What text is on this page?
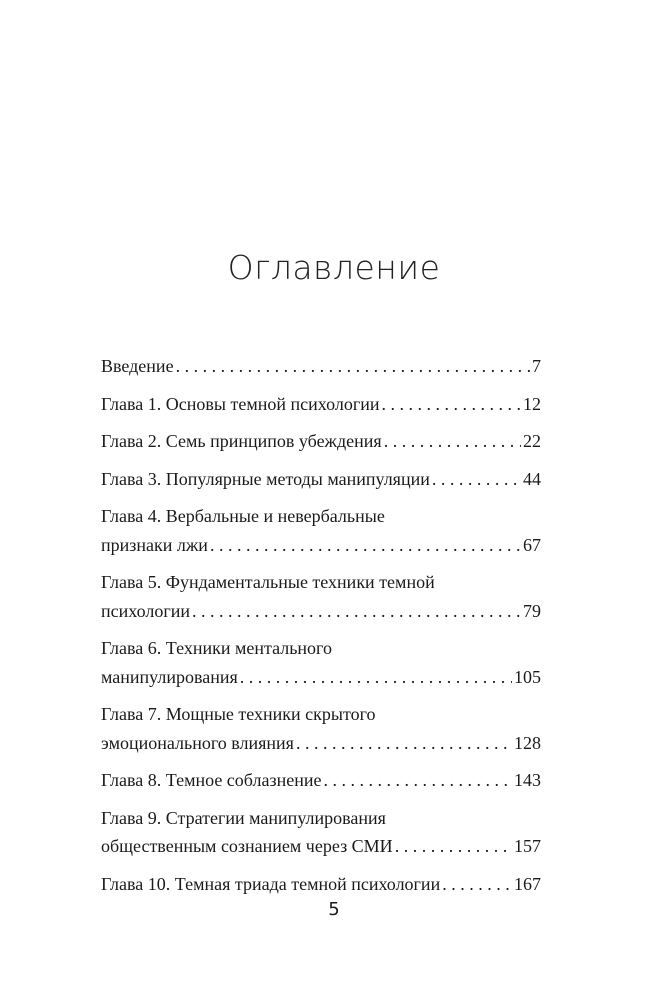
Оглавление
Введение . . .	7
Глава 1. Основы темной психологии . . .	12
Глава 2. Семь принципов убеждения . . .	22
Глава 3. Популярные методы манипуляции . . .	44
Глава 4. Вербальные и невербальные
признаки лжи . . .	67
Глава 5. Фундаментальные техники темной
психологии . . .	79
Глава 6. Техники ментального
манипулирования . . .	105
Глава 7. Мощные техники скрытого
эмоционального влияния . . .	128
Глава 8. Темное соблазнение . . .	143
Глава 9. Стратегии манипулирования
общественным сознанием через СМИ . . .	157
Глава 10. Темная триада темной психологии . . .	167
5
